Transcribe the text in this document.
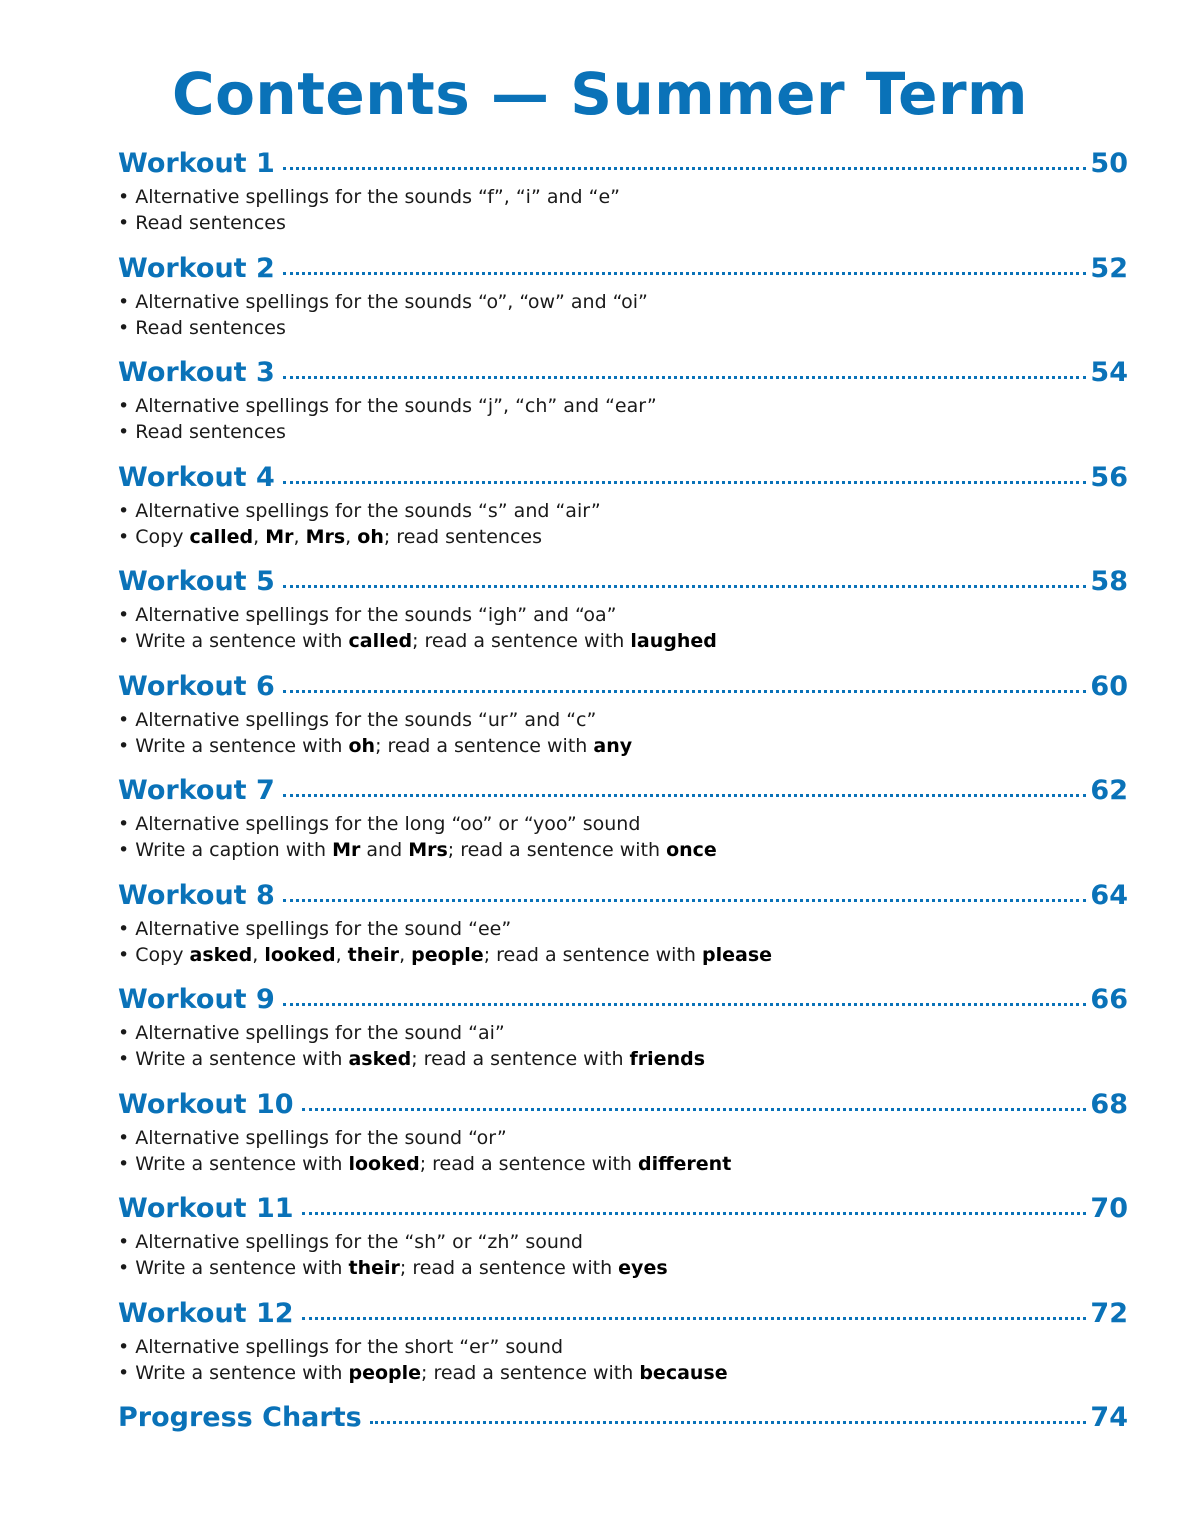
Contents — Summer Term
Workout 1	50
• Alternative spellings for the sounds “f”, “i” and “e”
• Read sentences
Workout 2	52
• Alternative spellings for the sounds “o”, “ow” and “oi”
• Read sentences
Workout 3	54
• Alternative spellings for the sounds “j”, “ch” and “ear”
• Read sentences
Workout 4	56
• Alternative spellings for the sounds “s” and “air”
• Copy called, Mr, Mrs, oh; read sentences
Workout 5	58
• Alternative spellings for the sounds “igh” and “oa”
• Write a sentence with called; read a sentence with laughed
Workout 6	60
• Alternative spellings for the sounds “ur” and “c”
• Write a sentence with oh; read a sentence with any
Workout 7	62
• Alternative spellings for the long “oo” or “yoo” sound
• Write a caption with Mr and Mrs; read a sentence with once
Workout 8	64
• Alternative spellings for the sound “ee”
• Copy asked, looked, their, people; read a sentence with please
Workout 9	66
• Alternative spellings for the sound “ai”
• Write a sentence with asked; read a sentence with friends
Workout 10	68
• Alternative spellings for the sound “or”
• Write a sentence with looked; read a sentence with different
Workout 11	70
• Alternative spellings for the “sh” or “zh” sound
• Write a sentence with their; read a sentence with eyes
Workout 12	72
• Alternative spellings for the short “er” sound
• Write a sentence with people; read a sentence with because
Progress Charts	74
